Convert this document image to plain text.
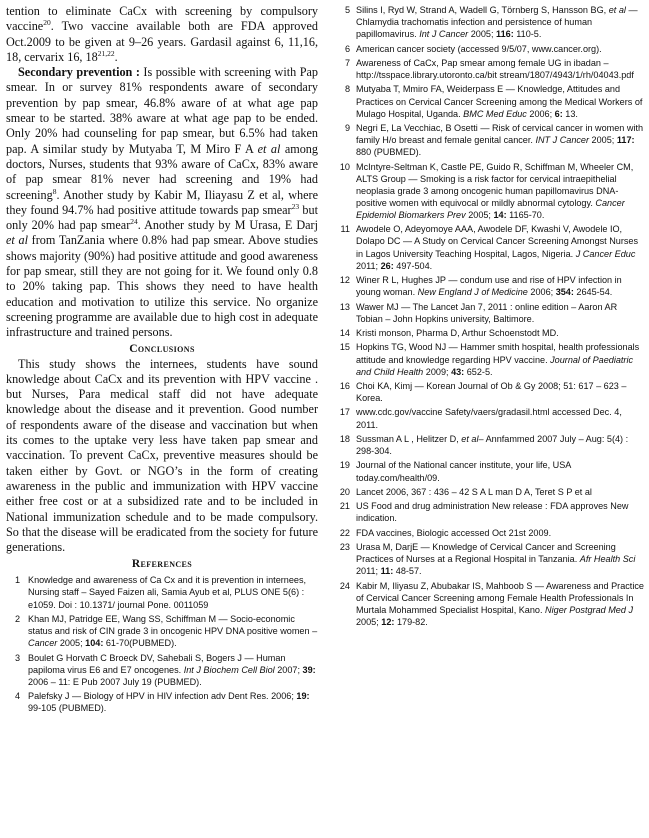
tention to eliminate CaCx with screening by compulsory vaccine$^{20}$. Two vaccine available both are FDA approved Oct.2009 to be given at 9–26 years. Gardasil against 6, 11,16, 18, cervarix 16, 18$^{21,22}$.

Secondary prevention : Is possible with screening with Pap smear. In or survey 81% respondents aware of secondary prevention by pap smear, 46.8% aware of at what age pap smear to be started. 38% aware at what age pap to be ended. Only 20% had counseling for pap smear, but 6.5% had taken pap. A similar study by Mutyaba T, M Miro F A et al among doctors, Nurses, students that 93% aware of CaCx, 83% aware of pap smear 81% never had screening and 19% had screening$^8$. Another study by Kabir M, Iliayasu Z et al, where they found 94.7% had positive attitude towards pap smear$^{23}$ but only 20% had pap smear$^{24}$. Another study by M Urasa, E Darj et al from TanZania where 0.8% had pap smear. Above studies shows majority (90%) had positive attitude and good awareness for pap smear, still they are not going for it. We found only 0.8 to 20% taking pap. This shows they need to have health education and motivation to utilize this service. No organize screening programme are available due to high cost in adequate infrastructure and trained persons.

Conclusions

This study shows the internees, students have sound knowledge about CaCx and its prevention with HPV vaccine . but Nurses, Para medical staff did not have adequate knowledge about the disease and it prevention. Good number of respondents aware of the disease and vaccination but when its comes to the uptake very less have taken pap smear and vaccination. To prevent CaCx, preventive measures should be taken either by Govt. or NGO’s in the form of creating awareness in the public and immunization with HPV vaccine either free cost or at a subsidized rate and to be included in National immunization schedule and to be made compulsory. So that the disease will be eradicated from the society for future generations.

References
1 Knowledge and awareness of Ca Cx and it is prevention in internees, Nursing staff – Sayed Faizen ali, Samia Ayub et al, PLUS ONE 5(6) : e1059. Doi : 10.1371/ journal Pone. 0011059
2 Khan MJ, Patridge EE, Wang SS, Schiffman M — Socio-economic status and risk of CIN grade 3 in oncogenic HPV DNA positive women – Cancer 2005; 104: 61-70(PUBMED).
3 Boulet G Horvath C Broeck DV, Sahebali S, Bogers J — Human papiloma virus E6 and E7 oncogenes. Int J Biochem Cell Biol 2007; 39: 2006 – 11: E Pub 2007 July 19 (PUBMED).
4 Palefsky J — Biology of HPV in HIV infection adv Dent Res. 2006; 19: 99-105 (PUBMED).
5 Silins I, Ryd W, Strand A, Wadell G, Törnberg S, Hansson BG, et al — Chlamydia trachomatis infection and persistence of human papillomavirus. Int J Cancer 2005; 116: 110-5.
6 American cancer society (accessed 9/5/07, www.cancer.org).
7 Awareness of CaCx, Pap smear among female UG in ibadan – http://tsspace.library.utoronto.ca/bit stream/1807/4943/1/rh/04043.pdf
8 Mutyaba T, Mmiro FA, Weiderpass E — Knowledge, Attitudes and Practices on Cervical Cancer Screening among the Medical Workers of Mulago Hospital, Uganda. BMC Med Educ 2006; 6: 13.
9 Negri E, La Vecchiac, B Osetti — Risk of cervical cancer in women with family H/o breast and female genital cancer. INT J Cancer 2005; 117: 880 (PUBMED).
10 McIntyre-Seltman K, Castle PE, Guido R, Schiffman M, Wheeler CM, ALTS Group — Smoking is a risk factor for cervical intraepithelial neoplasia grade 3 among oncogenic human papillomavirus DNA-positive women with equivocal or mildly abnormal cytology. Cancer Epidemiol Biomarkers Prev 2005; 14: 1165-70.
11 Awodele O, Adeyomoye AAA, Awodele DF, Kwashi V, Awodele IO, Dolapo DC — A Study on Cervical Cancer Screening Amongst Nurses in Lagos University Teaching Hospital, Lagos, Nigeria. J Cancer Educ 2011; 26: 497-504.
12 Winer R L, Hughes JP — condum use and rise of HPV infection in young woman. New England J of Medicine 2006; 354: 2645-54.
13 Wawer MJ — The Lancet Jan 7, 2011 : online edition – Aaron AR Tobian – John Hopkins university, Baltimore.
14 Kristi monson, Pharma D, Arthur Schoenstodt MD.
15 Hopkins TG, Wood NJ — Hammer smith hospital, health professionals attitude and knowledge regarding HPV vaccine. Journal of Paediatric and Child Health 2009; 43: 652-5.
16 Choi KA, Kimj — Korean Journal of Ob & Gy 2008; 51: 617 – 623 – Korea.
17 www.cdc.gov/vaccine Safety/vaers/gradasil.html accessed Dec. 4, 2011.
18 Sussman A L , Helitzer D, et al– Annfammed 2007 July – Aug: 5(4) : 298-304.
19 Journal of the National cancer institute, your life, USA today.com/health/09.
20 Lancet 2006, 367 : 436 – 42 S A L man D A, Teret S P et al
21 US Food and drug administration New release : FDA approves New indication.
22 FDA vaccines, Biologic accessed Oct 21st 2009.
23 Urasa M, DarjE — Knowledge of Cervical Cancer and Screening Practices of Nurses at a Regional Hospital in Tanzania. Afr Health Sci 2011; 11: 48-57.
24 Kabir M, Iliyasu Z, Abubakar IS, Mahboob S — Awareness and Practice of Cervical Cancer Screening among Female Health Professionals In Murtala Mohammed Specialist Hospital, Kano. Niger Postgrad Med J 2005; 12: 179-82.
